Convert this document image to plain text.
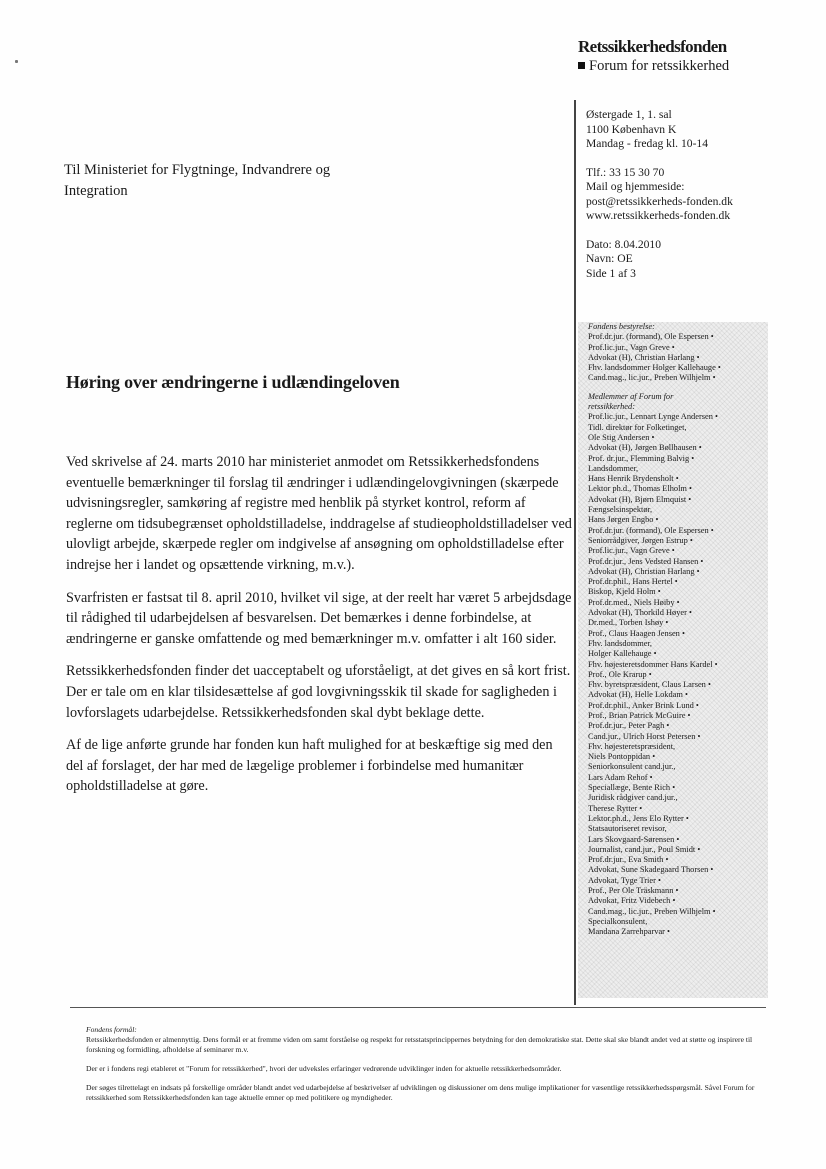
Retssikkerhedsfonden
Forum for retssikkerhed
Østergade 1, 1. sal
1100 København K
Mandag - fredag kl. 10-14
Tlf.: 33 15 30 70
Mail og hjemmeside:
post@retssikkerheds-fonden.dk
www.retssikkerheds-fonden.dk
Dato: 8.04.2010
Navn: OE
Side 1 af 3
Til Ministeriet for Flygtninge, Indvandrere og Integration
Høring over ændringerne i udlændingeloven

Ved skrivelse af 24. marts 2010 har ministeriet anmodet om Retssikkerhedsfondens eventuelle bemærkninger til forslag til ændringer i udlændingelovgivningen (skærpede udvisningsregler, samkøring af registre med henblik på styrket kontrol, reform af reglerne om tidsubegrænset opholdstilladelse, inddragelse af studieopholdstilladelser ved ulovligt arbejde, skærpede regler om indgivelse af ansøgning om opholdstilladelse efter indrejse her i landet og opsættende virkning, m.v.).

Svarfristen er fastsat til 8. april 2010, hvilket vil sige, at der reelt har været 5 arbejdsdage til rådighed til udarbejdelsen af besvarelsen. Det bemærkes i denne forbindelse, at ændringerne er ganske omfattende og med bemærkninger m.v. omfatter i alt 160 sider.

Retssikkerhedsfonden finder det uacceptabelt og uforståeligt, at det gives en så kort frist. Der er tale om en klar tilsidesættelse af god lovgivningsskik til skade for sagligheden i lovforslagets udarbejdelse. Retssikkerhedsfonden skal dybt beklage dette.

Af de lige anførte grunde har fonden kun haft mulighed for at beskæftige sig med den del af forslaget, der har med de lægelige problemer i forbindelse med humanitær opholdstilladelse at gøre.

Fondens bestyrelse:
Prof.dr.jur. (formand), Ole Espersen •
Prof.lic.jur., Vagn Greve •
Advokat (H), Christian Harlang •
Fhv. landsdommer Holger Kallehauge •
Cand.mag., lic.jur., Preben Wilhjelm •
Medlemmer af Forum for retssikkerhed:
Prof.lic.jur., Lennart Lynge Andersen •
Tidl. direktør for Folketinget,
Ole Stig Andersen •
Advokat (H), Jørgen Bøllhausen •
Prof. dr.jur., Flemming Balvig •
Landsdommer,
Hans Henrik Brydensholt •
Lektor ph.d., Thomas Elholm •
Advokat (H), Bjørn Elmquist •
Fængselsinspektør,
Hans Jørgen Engbo •
Prof.dr.jur. (formand), Ole Espersen •
Seniorrådgiver, Jørgen Estrup •
Prof.lic.jur., Vagn Greve •
Prof.dr.jur., Jens Vedsted Hansen •
Advokat (H), Christian Harlang •
Prof.dr.phil., Hans Hertel •
Biskop, Kjeld Holm •
Prof.dr.med., Niels Høiby •
Advokat (H), Thorkild Høyer •
Dr.med., Torben Ishøy •
Prof., Claus Haagen Jensen •
Fhv. landsdommer,
Holger Kallehauge •
Fhv. højesteretsdommer Hans Kardel •
Prof., Ole Krarup •
Fhv. byretspræsident, Claus Larsen •
Advokat (H), Helle Lokdam •
Prof.dr.phil., Anker Brink Lund •
Prof., Brian Patrick McGuire •
Prof.dr.jur., Peter Pagh •
Cand.jur., Ulrich Horst Petersen •
Fhv. højesteretspræsident,
Niels Pontoppidan •
Seniorkonsulent cand.jur.,
Lars Adam Rehof •
Speciallæge, Bente Rich •
Juridisk rådgiver cand.jur.,
Therese Rytter •
Lektor.ph.d., Jens Elo Rytter •
Statsautoriseret revisor,
Lars Skovgaard-Sørensen •
Journalist, cand.jur., Poul Smidt •
Prof.dr.jur., Eva Smith •
Advokat, Sune Skadegaard Thorsen •
Advokat, Tyge Trier •
Prof., Per Ole Träskmann •
Advokat, Fritz Videbech •
Cand.mag., lic.jur., Preben Wilhjelm •
Specialkonsulent,
Mandana Zarrehparvar •
Fondens formål:

Retssikkerhedsfonden er almennyttig. Dens formål er at fremme viden om samt forståelse og respekt for retsstatsprincippernes betydning for den demokratiske stat. Dette skal ske blandt andet ved at støtte og inspirere til forskning og formidling, afholdelse af seminarer m.v.

Der er i fondens regi etableret et "Forum for retssikkerhed", hvori der udveksles erfaringer vedrørende udviklinger inden for aktuelle retssikkerhedsområder.

Der søges tilrettelagt en indsats på forskellige områder blandt andet ved udarbejdelse af beskrivelser af udviklingen og diskussioner om dens mulige implikationer for væsentlige retssikkerhedsspørgsmål. Såvel Forum for retssikkerhed som Retssikkerhedsfonden kan tage aktuelle emner op med politikere og myndigheder.
